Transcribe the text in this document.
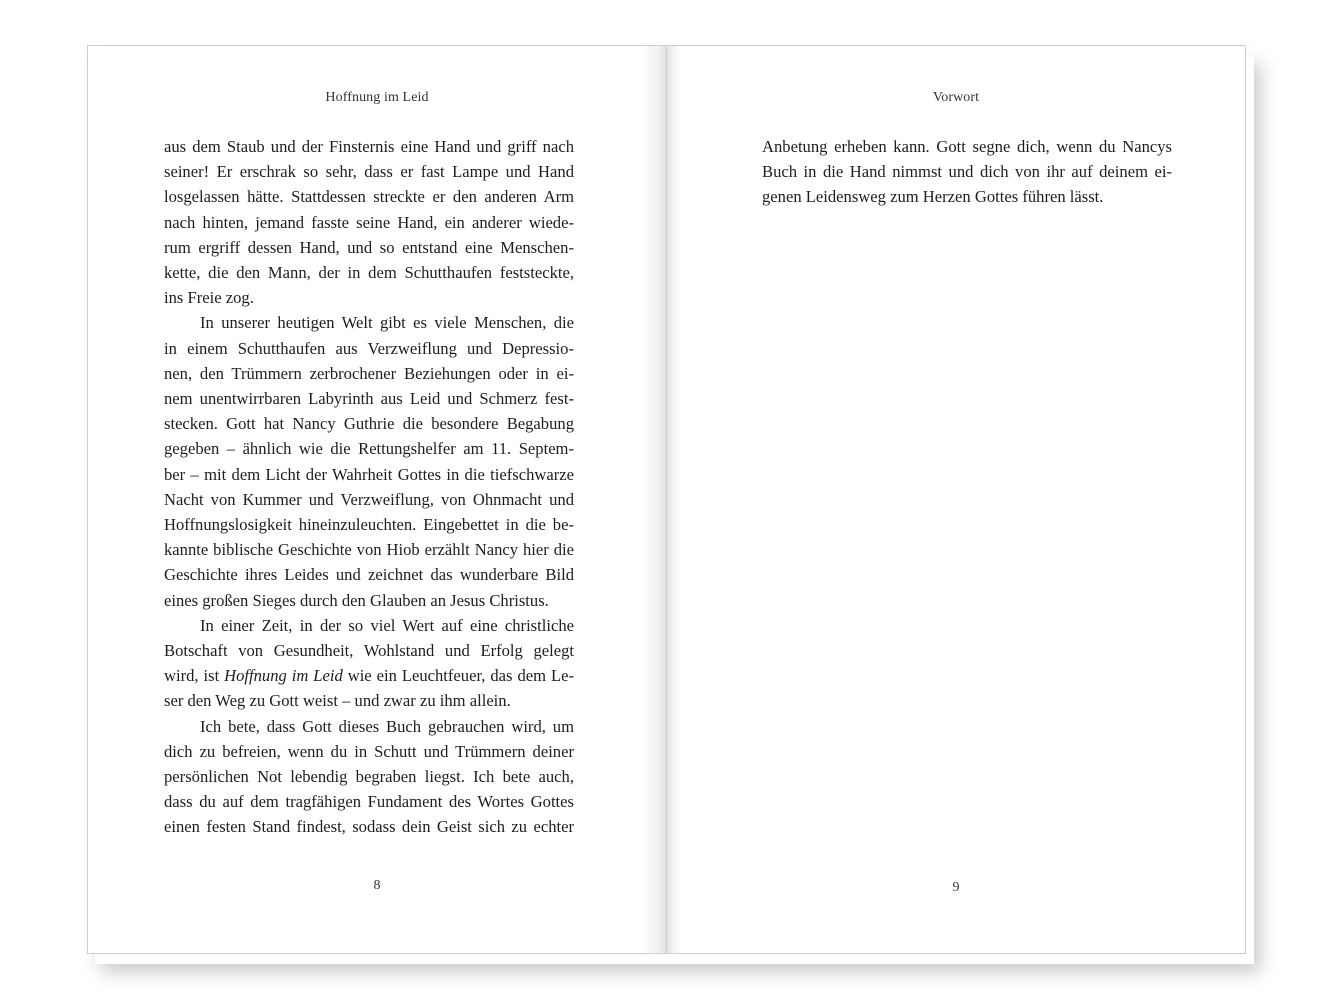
Hoffnung im Leid
aus dem Staub und der Finsternis eine Hand und griff nach
seiner! Er erschrak so sehr, dass er fast Lampe und Hand
losgelassen hätte. Stattdessen streckte er den anderen Arm
nach hinten, jemand fasste seine Hand, ein anderer wiede-
rum ergriff dessen Hand, und so entstand eine Menschen-
kette, die den Mann, der in dem Schutthaufen feststeckte,
ins Freie zog.
In unserer heutigen Welt gibt es viele Menschen, die
in einem Schutthaufen aus Verzweiflung und Depressio-
nen, den Trümmern zerbrochener Beziehungen oder in ei-
nem unentwirrbaren Labyrinth aus Leid und Schmerz fest-
stecken. Gott hat Nancy Guthrie die besondere Begabung
gegeben – ähnlich wie die Rettungshelfer am 11. Septem-
ber – mit dem Licht der Wahrheit Gottes in die tiefschwarze
Nacht von Kummer und Verzweiflung, von Ohnmacht und
Hoffnungslosigkeit hineinzuleuchten. Eingebettet in die be-
kannte biblische Geschichte von Hiob erzählt Nancy hier die
Geschichte ihres Leides und zeichnet das wunderbare Bild
eines großen Sieges durch den Glauben an Jesus Christus.
In einer Zeit, in der so viel Wert auf eine christliche
Botschaft von Gesundheit, Wohlstand und Erfolg gelegt
wird, ist Hoffnung im Leid wie ein Leuchtfeuer, das dem Le-
ser den Weg zu Gott weist – und zwar zu ihm allein.
Ich bete, dass Gott dieses Buch gebrauchen wird, um
dich zu befreien, wenn du in Schutt und Trümmern deiner
persönlichen Not lebendig begraben liegst. Ich bete auch,
dass du auf dem tragfähigen Fundament des Wortes Gottes
einen festen Stand findest, sodass dein Geist sich zu echter
8
Vorwort
Anbetung erheben kann. Gott segne dich, wenn du Nancys
Buch in die Hand nimmst und dich von ihr auf deinem ei-
genen Leidensweg zum Herzen Gottes führen lässt.
9
